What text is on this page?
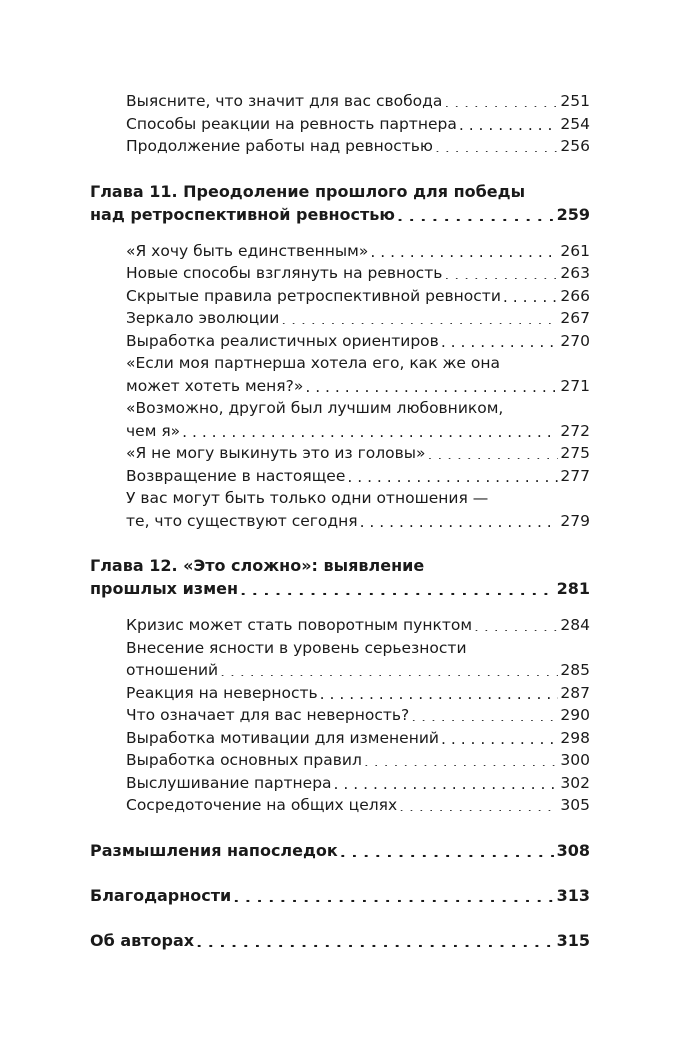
Выясните, что значит для вас свобода . . .	251
Способы реакции на ревность партнера . . .	254
Продолжение работы над ревностью . . .	256
Глава 11. Преодоление прошлого для победы
над ретроспективной ревностью . . .	259
«Я хочу быть единственным» . . .	261
Новые способы взглянуть на ревность . . .	263
Скрытые правила ретроспективной ревности . . .	266
Зеркало эволюции . . .	267
Выработка реалистичных ориентиров . . .	270
«Если моя партнерша хотела его, как же она
может хотеть меня?» . . .	271
«Возможно, другой был лучшим любовником,
чем я» . . .	272
«Я не могу выкинуть это из головы» . . .	275
Возвращение в настоящее . . .	277
У вас могут быть только одни отношения —
те, что существуют сегодня . . .	279
Глава 12. «Это сложно»: выявление
прошлых измен . . .	281
Кризис может стать поворотным пунктом . . .	284
Внесение ясности в уровень серьезности
отношений . . .	285
Реакция на неверность . . .	287
Что означает для вас неверность? . . .	290
Выработка мотивации для изменений . . .	298
Выработка основных правил . . .	300
Выслушивание партнера . . .	302
Сосредоточение на общих целях . . .	305
Размышления напоследок . . .	308
Благодарности . . .	313
Об авторах . . .	315
